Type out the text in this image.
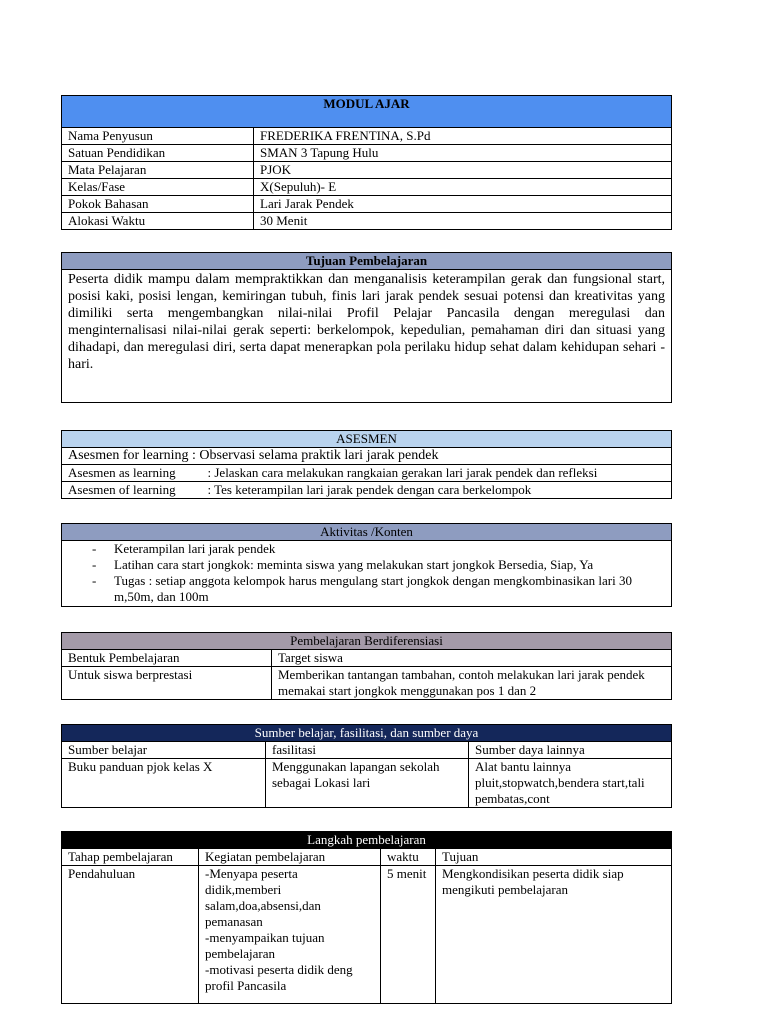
MODUL AJAR	
Nama Penyusun	FREDERIKA FRENTINA, S.Pd
Satuan Pendidikan	SMAN 3 Tapung Hulu
Mata Pelajaran	PJOK
Kelas/Fase	X(Sepuluh)- E
Pokok Bahasan	Lari Jarak Pendek
Alokasi Waktu	30 Menit
Tujuan Pembelajaran
Peserta didik mampu dalam mempraktikkan dan menganalisis keterampilan gerak dan fungsional start, posisi kaki, posisi lengan, kemiringan tubuh, finis lari jarak pendek sesuai potensi dan kreativitas yang dimiliki serta mengembangkan nilai-nilai Profil Pelajar Pancasila dengan meregulasi dan menginternalisasi nilai-nilai gerak seperti: berkelompok, kepedulian, pemahaman diri dan situasi yang dihadapi, dan meregulasi diri, serta dapat menerapkan pola perilaku hidup sehat dalam kehidupan sehari - hari.
ASESMEN	
Asesmen for learning : Observasi selama praktik lari jarak pendek	
Asesmen as learning	: Jelaskan cara melakukan rangkaian gerakan lari jarak pendek dan refleksi
Asesmen of learning	: Tes keterampilan lari jarak pendek dengan cara berkelompok
Aktivitas /Konten

- Keterampilan lari jarak pendek
- Latihan cara start jongkok: meminta siswa yang melakukan start jongkok Bersedia, Siap, Ya
- Tugas : setiap anggota kelompok harus mengulang start jongkok dengan mengkombinasikan lari 30 m,50m, dan 100m
Pembelajaran Berdiferensiasi	
Bentuk Pembelajaran	Target siswa
Untuk siswa berprestasi	Memberikan tantangan tambahan, contoh melakukan lari jarak pendek memakai start jongkok menggunakan pos 1 dan 2
Sumber belajar, fasilitasi, dan sumber daya		
Sumber belajar	fasilitasi	Sumber daya lainnya
Buku panduan pjok kelas X	Menggunakan lapangan sekolah sebagai Lokasi lari	Alat bantu lainnya pluit,stopwatch,bendera start,tali pembatas,cont
Langkah pembelajaran			
Tahap pembelajaran	Kegiatan pembelajaran	waktu	Tujuan
Pendahuluan	-Menyapa peserta didik,memberi salam,doa,absensi,dan pemanasan
-menyampaikan tujuan pembelajaran
-motivasi peserta didik deng profil Pancasila	5 menit	Mengkondisikan peserta didik siap mengikuti pembelajaran
